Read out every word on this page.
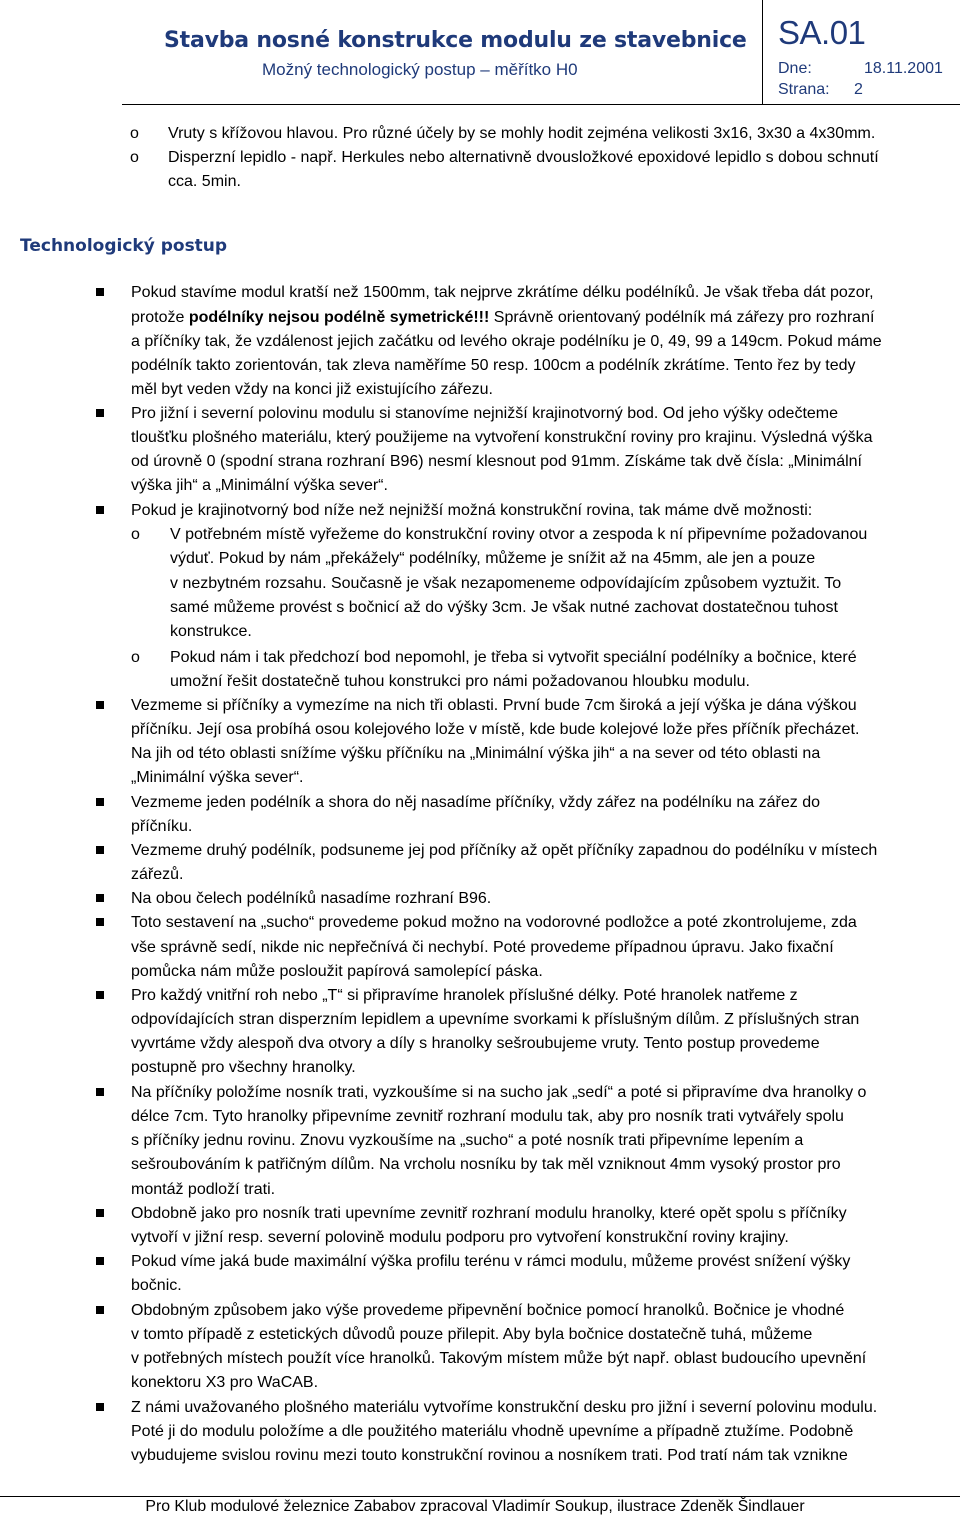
Stavba nosné konstrukce modulu ze stavebnice
Možný technologický postup – měřítko H0
SA.01
Dne:	18.11.2001
Strana: 2
o Vruty s křížovou hlavou. Pro různé účely by se mohly hodit zejména velikosti 3x16, 3x30 a 4x30mm.
o Disperzní lepidlo - např. Herkules nebo alternativně dvousložkové epoxidové lepidlo s dobou schnutí
cca. 5min.
Technologický postup
Pokud stavíme modul kratší než 1500mm, tak nejprve zkrátíme délku podélníků. Je však třeba dát pozor,
protože podélníky nejsou podélně symetrické!!! Správně orientovaný podélník má zářezy pro rozhraní
a příčníky tak, že vzdálenost jejich začátku od levého okraje podélníku je 0, 49, 99 a 149cm. Pokud máme
podélník takto zorientován, tak zleva naměříme 50 resp. 100cm a podélník zkrátíme. Tento řez by tedy
měl byt veden vždy na konci již existujícího zářezu.
Pro jižní i severní polovinu modulu si stanovíme nejnižší krajinotvorný bod. Od jeho výšky odečteme
tloušťku plošného materiálu, který použijeme na vytvoření konstrukční roviny pro krajinu. Výsledná výška
od úrovně 0 (spodní strana rozhraní B96) nesmí klesnout pod 91mm. Získáme tak dvě čísla: „Minimální
výška jih“ a „Minimální výška sever“.
Pokud je krajinotvorný bod níže než nejnižší možná konstrukční rovina, tak máme dvě možnosti:
o V potřebném místě vyřežeme do konstrukční roviny otvor a zespoda k ní připevníme požadovanou
výduť. Pokud by nám „překážely“ podélníky, můžeme je snížit až na 45mm, ale jen a pouze
v nezbytném rozsahu. Současně je však nezapomeneme odpovídajícím způsobem vyztužit. To
samé můžeme provést s bočnicí až do výšky 3cm. Je však nutné zachovat dostatečnou tuhost
konstrukce.
o Pokud nám i tak předchozí bod nepomohl, je třeba si vytvořit speciální podélníky a bočnice, které
umožní řešit dostatečně tuhou konstrukci pro námi požadovanou hloubku modulu.
Vezmeme si příčníky a vymezíme na nich tři oblasti. První bude 7cm široká a její výška je dána výškou
příčníku. Její osa probíhá osou kolejového lože v místě, kde bude kolejové lože přes příčník přecházet.
Na jih od této oblasti snížíme výšku příčníku na „Minimální výška jih“ a na sever od této oblasti na
„Minimální výška sever“.
Vezmeme jeden podélník a shora do něj nasadíme příčníky, vždy zářez na podélníku na zářez do
příčníku.
Vezmeme druhý podélník, podsuneme jej pod příčníky až opět příčníky zapadnou do podélníku v místech
zářezů.
Na obou čelech podélníků nasadíme rozhraní B96.
Toto sestavení na „sucho“ provedeme pokud možno na vodorovné podložce a poté zkontrolujeme, zda
vše správně sedí, nikde nic nepřečnívá či nechybí. Poté provedeme případnou úpravu. Jako fixační
pomůcka nám může posloužit papírová samolepící páska.
Pro každý vnitřní roh nebo „T“ si připravíme hranolek příslušné délky. Poté hranolek natřeme z
odpovídajících stran disperzním lepidlem a upevníme svorkami k příslušným dílům. Z příslušných stran
vyvrtáme vždy alespoň dva otvory a díly s hranolky sešroubujeme vruty. Tento postup provedeme
postupně pro všechny hranolky.
Na příčníky položíme nosník trati, vyzkoušíme si na sucho jak „sedí“ a poté si připravíme dva hranolky o
délce 7cm. Tyto hranolky připevníme zevnitř rozhraní modulu tak, aby pro nosník trati vytvářely spolu
s příčníky jednu rovinu. Znovu vyzkoušíme na „sucho“ a poté nosník trati připevníme lepením a
sešroubováním k patřičným dílům. Na vrcholu nosníku by tak měl vzniknout 4mm vysoký prostor pro
montáž podloží trati.
Obdobně jako pro nosník trati upevníme zevnitř rozhraní modulu hranolky, které opět spolu s příčníky
vytvoří v jižní resp. severní polovině modulu podporu pro vytvoření konstrukční roviny krajiny.
Pokud víme jaká bude maximální výška profilu terénu v rámci modulu, můžeme provést snížení výšky
bočnic.
Obdobným způsobem jako výše provedeme připevnění bočnice pomocí hranolků. Bočnice je vhodné
v tomto případě z estetických důvodů pouze přilepit. Aby byla bočnice dostatečně tuhá, můžeme
v potřebných místech použít více hranolků. Takovým místem může být např. oblast budoucího upevnění
konektoru X3 pro WaCAB.
Z námi uvažovaného plošného materiálu vytvoříme konstrukční desku pro jižní i severní polovinu modulu.
Poté ji do modulu položíme a dle použitého materiálu vhodně upevníme a případně ztužíme. Podobně
vybudujeme svislou rovinu mezi touto konstrukční rovinou a nosníkem trati. Pod tratí nám tak vznikne
Pro Klub modulové železnice Zababov zpracoval Vladimír Soukup, ilustrace Zdeněk Šindlauer
